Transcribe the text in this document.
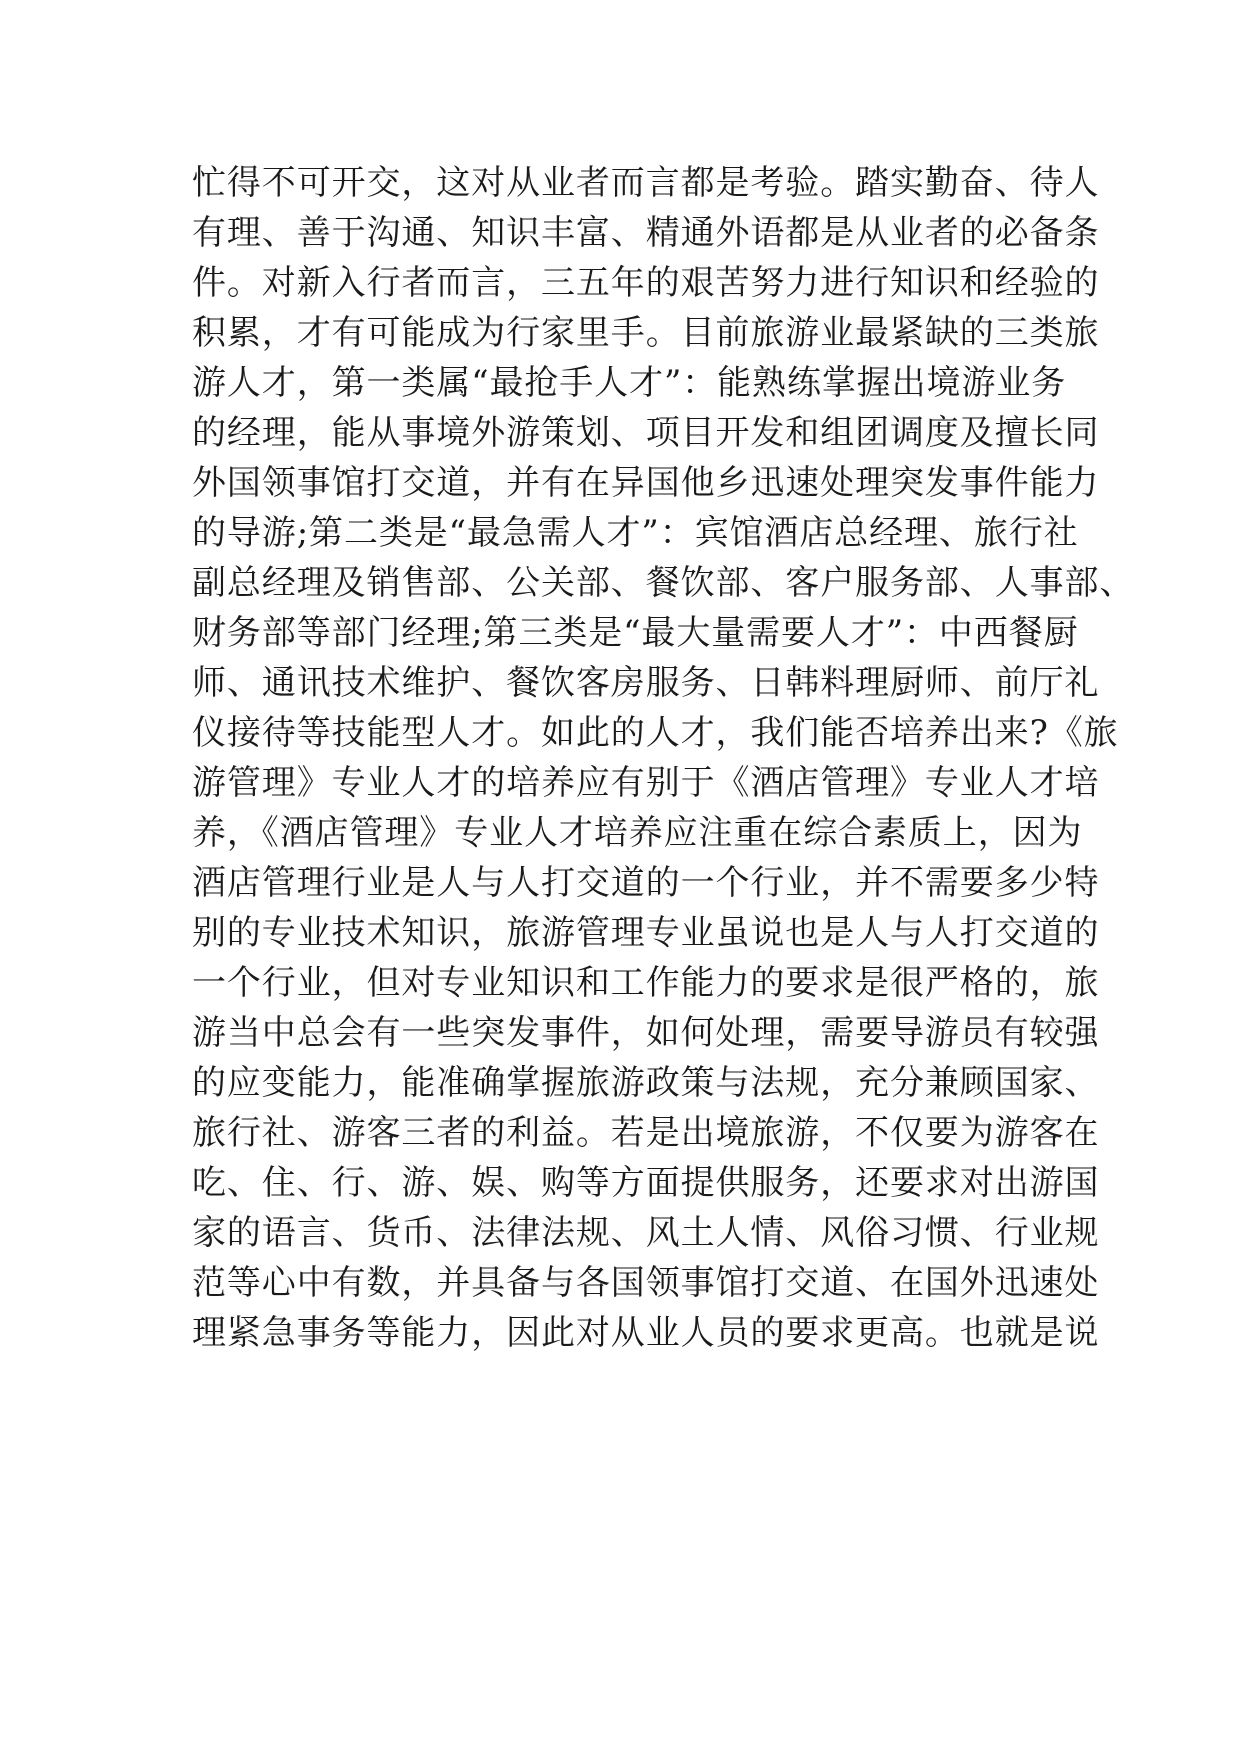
忙得不可开交，这对从业者而言都是考验。踏实勤奋、待人
有理、善于沟通、知识丰富、精通外语都是从业者的必备条
件。对新入行者而言，三五年的艰苦努力进行知识和经验的
积累，才有可能成为行家里手。目前旅游业最紧缺的三类旅
游人才，第一类属“最抢手人才”：能熟练掌握出境游业务
的经理，能从事境外游策划、项目开发和组团调度及擅长同
外国领事馆打交道，并有在异国他乡迅速处理突发事件能力
的导游;第二类是“最急需人才”：宾馆酒店总经理、旅行社
副总经理及销售部、公关部、餐饮部、客户服务部、人事部、
财务部等部门经理;第三类是“最大量需要人才”：中西餐厨
师、通讯技术维护、餐饮客房服务、日韩料理厨师、前厅礼
仪接待等技能型人才。如此的人才，我们能否培养出来?《旅
游管理》专业人才的培养应有别于《酒店管理》专业人才培
养，《酒店管理》专业人才培养应注重在综合素质上，因为
酒店管理行业是人与人打交道的一个行业，并不需要多少特
别的专业技术知识，旅游管理专业虽说也是人与人打交道的
一个行业，但对专业知识和工作能力的要求是很严格的，旅
游当中总会有一些突发事件，如何处理，需要导游员有较强
的应变能力，能准确掌握旅游政策与法规，充分兼顾国家、
旅行社、游客三者的利益。若是出境旅游，不仅要为游客在
吃、住、行、游、娱、购等方面提供服务，还要求对出游国
家的语言、货币、法律法规、风土人情、风俗习惯、行业规
范等心中有数，并具备与各国领事馆打交道、在国外迅速处
理紧急事务等能力，因此对从业人员的要求更高。也就是说
